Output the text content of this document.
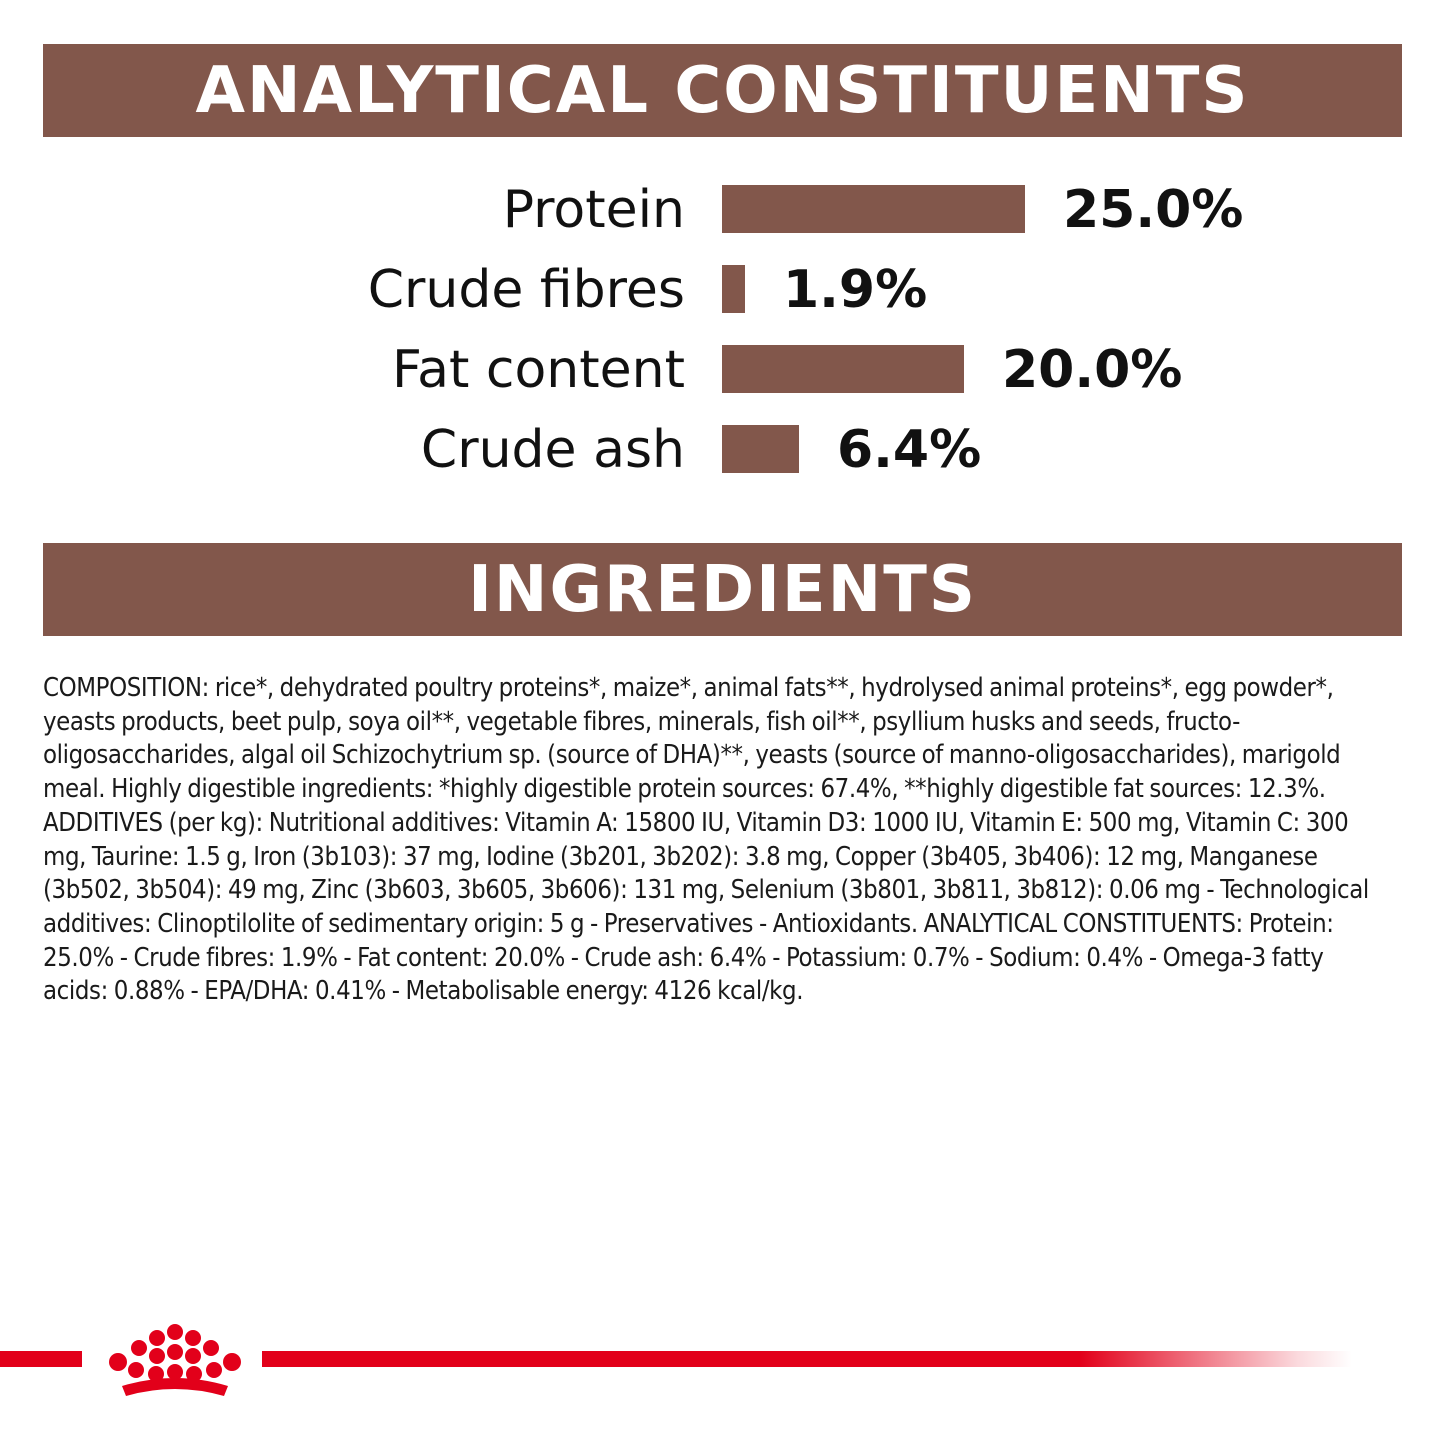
ANALYTICAL CONSTITUENTS
Protein	25.0%
Crude fibres 1.9%
Fat content	20.0%
Crude ash	6.4%
INGREDIENTS
COMPOSITION: rice*, dehydrated poultry proteins*, maize*, animal fats**, hydrolysed animal proteins*, egg powder*, yeasts products, beet pulp, soya oil**, vegetable fibres, minerals, fish oil**, psyllium husks and seeds, fructo-oligosaccharides, algal oil Schizochytrium sp. (source of DHA)**, yeasts (source of manno-oligosaccharides), marigold meal. Highly digestible ingredients: *highly digestible protein sources: 67.4%, **highly digestible fat sources: 12.3%. ADDITIVES (per kg): Nutritional additives: Vitamin A: 15800 IU, Vitamin D3: 1000 IU, Vitamin E: 500 mg, Vitamin C: 300 mg, Taurine: 1.5 g, Iron (3b103): 37 mg, Iodine (3b201, 3b202): 3.8 mg, Copper (3b405, 3b406): 12 mg, Manganese (3b502, 3b504): 49 mg, Zinc (3b603, 3b605, 3b606): 131 mg, Selenium (3b801, 3b811, 3b812): 0.06 mg - Technological additives: Clinoptilolite of sedimentary origin: 5 g - Preservatives - Antioxidants. ANALYTICAL CONSTITUENTS: Protein: 25.0% - Crude fibres: 1.9% - Fat content: 20.0% - Crude ash: 6.4% - Potassium: 0.7% - Sodium: 0.4% - Omega-3 fatty acids: 0.88% - EPA/DHA: 0.41% - Metabolisable energy: 4126 kcal/kg.
